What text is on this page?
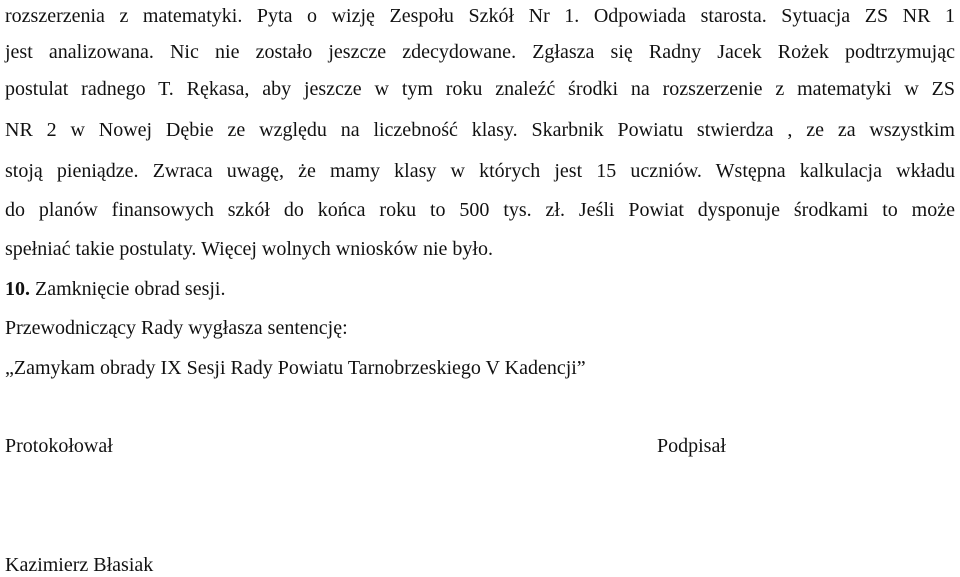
rozszerzenia z matematyki. Pyta o wizję Zespołu Szkół Nr 1. Odpowiada starosta. Sytuacja ZS NR 1
jest analizowana. Nic nie zostało jeszcze zdecydowane. Zgłasza się Radny Jacek Rożek podtrzymując
postulat radnego T. Rękasa, aby jeszcze w tym roku znaleźć środki na rozszerzenie z matematyki w ZS
NR 2 w Nowej Dębie ze względu na liczebność klasy. Skarbnik Powiatu stwierdza , ze za wszystkim
stoją pieniądze. Zwraca uwagę, że mamy klasy w których jest 15 uczniów. Wstępna kalkulacja wkładu
do planów finansowych szkół do końca roku to 500 tys. zł. Jeśli Powiat dysponuje środkami to może
spełniać takie postulaty. Więcej wolnych wniosków nie było.
10. Zamknięcie obrad sesji.
Przewodniczący Rady wygłasza sentencję:
„Zamykam obrady IX Sesji Rady Powiatu Tarnobrzeskiego V Kadencji”
Protokołował	Podpisał
Kazimierz Błasiak
